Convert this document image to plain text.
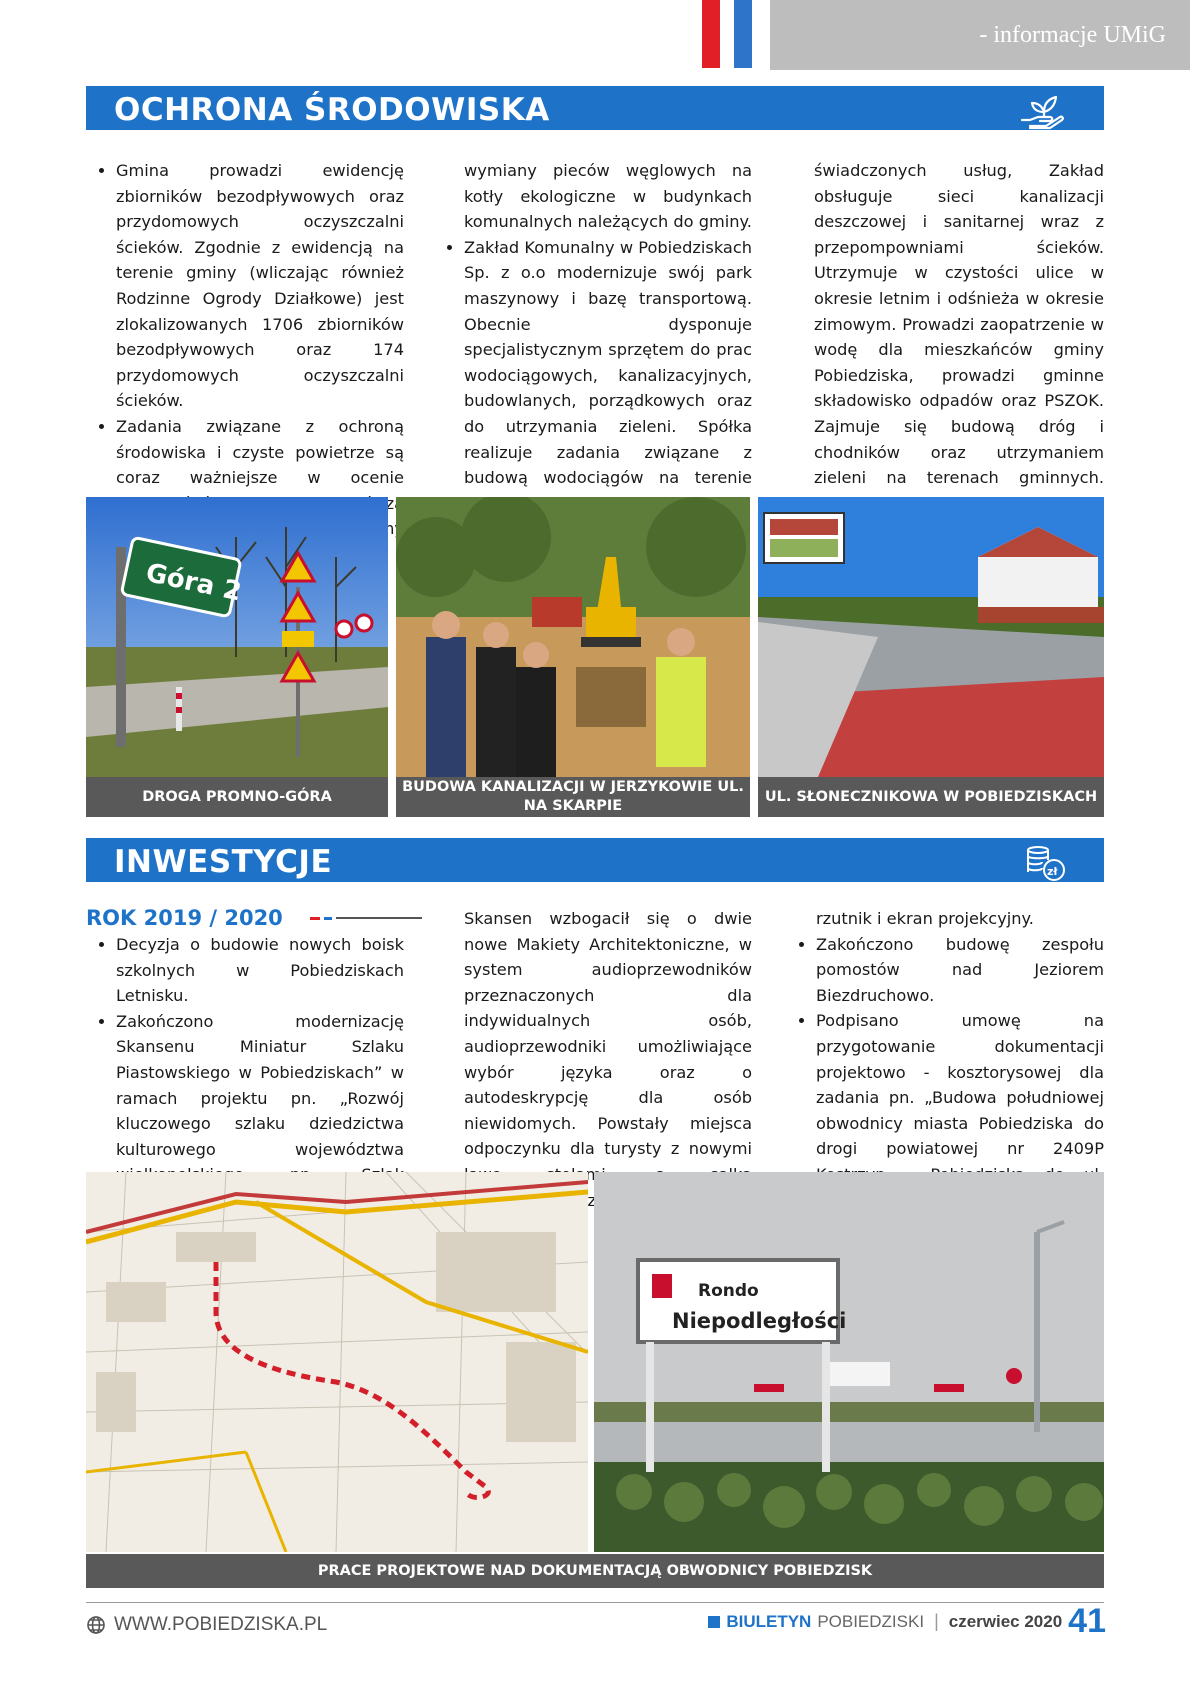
- informacje UMiG
OCHRONA ŚRODOWISKA
• Gmina prowadzi ewidencję zbiorników bezodpływowych oraz przydomowych oczyszczalni ścieków. Zgodnie z ewidencją na terenie gminy (wliczając również Rodzinne Ogrody Działkowe) jest zlokalizowanych 1706 zbiorników bezodpływowych oraz 174 przydomowych oczyszczalni ścieków.
• Zadania związane z ochroną środowiska i czyste powietrze są coraz ważniejsze w ocenie za

wymiany pieców węglowych na kotły ekologiczne w budynkach komunalnych należących do gminy.

• Zakład Komunalny w Pobiedziskach Sp. z o.o modernizuje swój park maszynowy i bazę transportową. Obecnie dysponuje specjalistycznym sprzętem do prac wodociągowych, kanalizacyjnych, budowlanych, porządkowych oraz do utrzymania zieleni. Spółka realizuje zadania związane z budową wodociągów na terenie

świadczonych usług, Zakład obsługuje sieci kanalizacji deszczowej i sanitarnej wraz z przepompowniami ścieków. Utrzymuje w czystości ulice w okresie letnim i odśnieża w okresie zimowym. Prowadzi zaopatrzenie w wodę dla mieszkańców gminy Pobiedziska, prowadzi gminne składowisko odpadów oraz PSZOK. Zajmuje się budową dróg i chodników oraz utrzymaniem zieleni na terenach gminnych.

Góra 2
DROGA PROMNO-GÓRA
BUDOWA KANALIZACJI W JERZYKOWIE UL. NA SKARPIE
UL. SŁONECZNIKOWA W POBIEDZISKACH
INWESTYCJE	zł
ROK 2019 / 2020
• Decyzja o budowie nowych boisk szkolnych w Pobiedziskach Letnisku.
• Zakończono modernizację Skansenu Miniatur Szlaku Piastowskiego w Pobiedziskach” w ramach projektu pn. „Rozwój kluczowego szlaku dziedzictwa kulturowego województwa

Skansen wzbogacił się o dwie nowe Makiety Architektoniczne, w system audioprzewodników przeznaczonych dla indywidualnych osób, audioprzewodniki umożliwiające wybór języka oraz o autodeskrypcję dla osób niewidomych. Powstały miejsca odpoczynku dla turysty z nowymi

rzutnik i ekran projekcyjny.

• Zakończono budowę zespołu pomostów nad Jeziorem Biezdruchowo.
• Podpisano umowę na przygotowanie dokumentacji projektowo - kosztorysowej dla zadania pn. „Budowa południowej obwodnicy miasta Pobiedziska do drogi powiatowej nr 2409P
Rondo
Niepodległości
PRACE PROJEKTOWE NAD DOKUMENTACJĄ OBWODNICY POBIEDZISK
WWW.POBIEDZISKA.PL	BIULETYN POBIEDZISKI | czerwiec 2020 41
